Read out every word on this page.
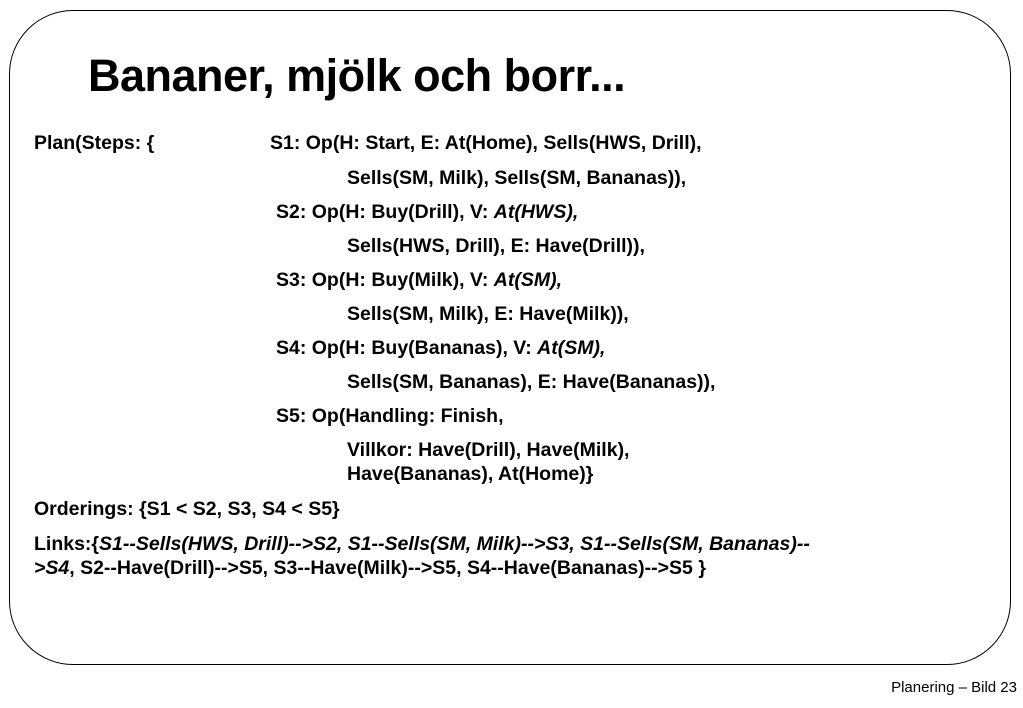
Bananer, mjölk och borr...
Plan(Steps: {	S1: Op(H: Start, E: At(Home), Sells(HWS, Drill),
Sells(SM, Milk), Sells(SM, Bananas)),
S2: Op(H: Buy(Drill), V: At(HWS),
Sells(HWS, Drill), E: Have(Drill)),
S3: Op(H: Buy(Milk), V: At(SM),
Sells(SM, Milk), E: Have(Milk)),
S4: Op(H: Buy(Bananas), V: At(SM),
Sells(SM, Bananas), E: Have(Bananas)),
S5: Op(Handling: Finish,
Villkor: Have(Drill), Have(Milk),
Have(Bananas), At(Home)}
Orderings: {S1 < S2, S3, S4 < S5}
Links:{S1--Sells(HWS, Drill)-->S2, S1--Sells(SM, Milk)-->S3, S1--Sells(SM, Bananas)--
>S4, S2--Have(Drill)-->S5, S3--Have(Milk)-->S5, S4--Have(Bananas)-->S5 }
Planering – Bild 23
